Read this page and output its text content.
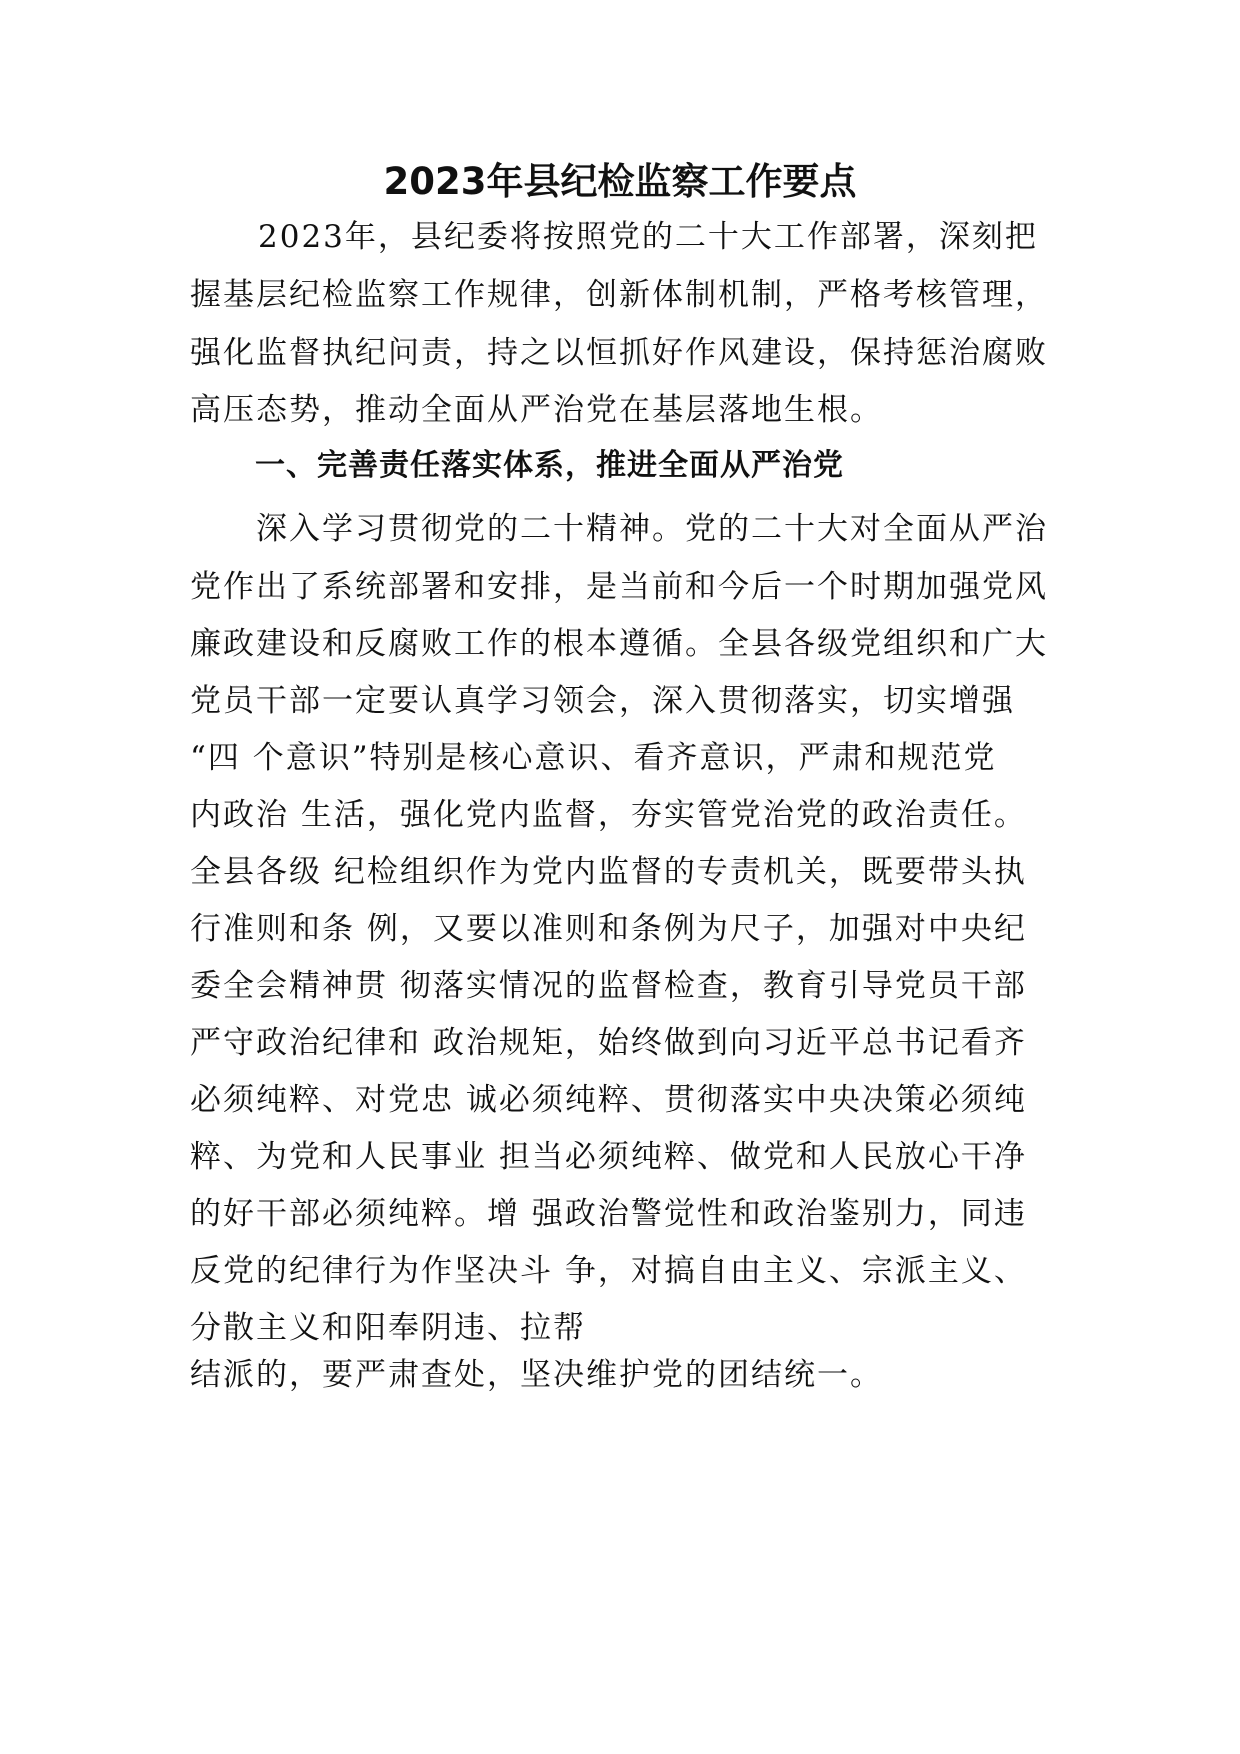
2023年县纪检监察工作要点

2023年，县纪委将按照党的二十大工作部署，深刻把

握基层纪检监察工作规律，创新体制机制，严格考核管理，

强化监督执纪问责，持之以恒抓好作风建设，保持惩治腐败

高压态势，推动全面从严治党在基层落地生根。

一、完善责任落实体系，推进全面从严治党

深入学习贯彻党的二十精神。党的二十大对全面从严治

党作出了系统部署和安排，是当前和今后一个时期加强党风

廉政建设和反腐败工作的根本遵循。全县各级党组织和广大

党员干部一定要认真学习领会，深入贯彻落实，切实增强

“四 个意识”特别是核心意识、看齐意识，严肃和规范党

内政治 生活，强化党内监督，夯实管党治党的政治责任。

全县各级 纪检组织作为党内监督的专责机关，既要带头执

行准则和条 例，又要以准则和条例为尺子，加强对中央纪

委全会精神贯 彻落实情况的监督检查，教育引导党员干部

严守政治纪律和 政治规矩，始终做到向习近平总书记看齐

必须纯粹、对党忠 诚必须纯粹、贯彻落实中央决策必须纯

粹、为党和人民事业 担当必须纯粹、做党和人民放心干净

的好干部必须纯粹。增 强政治警觉性和政治鉴别力，同违

反党的纪律行为作坚决斗 争，对搞自由主义、宗派主义、

分散主义和阳奉阴违、拉帮

结派的，要严肃查处，坚决维护党的团结统一。
